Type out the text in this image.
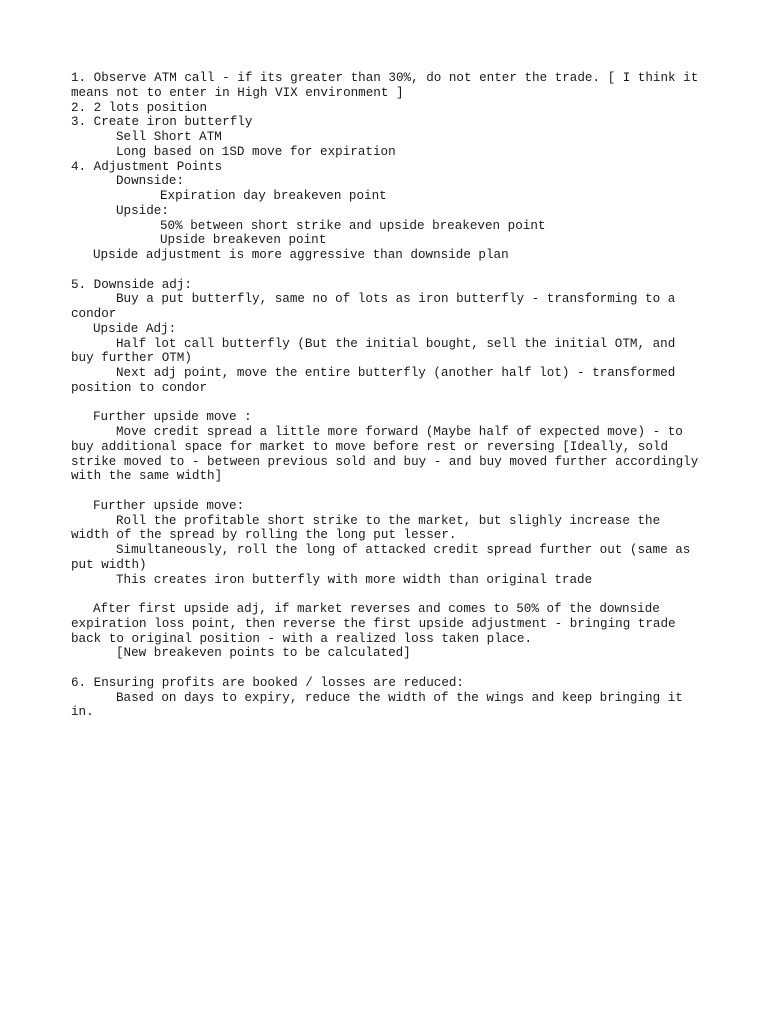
1. Observe ATM call - if its greater than 30%, do not enter the trade. [ I think it
means not to enter in High VIX environment ]
2. 2 lots position
3. Create iron butterfly
Sell Short ATM
Long based on 1SD move for expiration
4. Adjustment Points
Downside:
Expiration day breakeven point
Upside:
50% between short strike and upside breakeven point
Upside breakeven point
Upside adjustment is more aggressive than downside plan
5. Downside adj:
Buy a put butterfly, same no of lots as iron butterfly - transforming to a
condor
Upside Adj:
Half lot call butterfly (But the initial bought, sell the initial OTM, and
buy further OTM)
Next adj point, move the entire butterfly (another half lot) - transformed
position to condor
Further upside move :
Move credit spread a little more forward (Maybe half of expected move) - to
buy additional space for market to move before rest or reversing [Ideally, sold
strike moved to - between previous sold and buy - and buy moved further accordingly
with the same width]
Further upside move:
Roll the profitable short strike to the market, but slighly increase the
width of the spread by rolling the long put lesser.
Simultaneously, roll the long of attacked credit spread further out (same as
put width)
This creates iron butterfly with more width than original trade
After first upside adj, if market reverses and comes to 50% of the downside
expiration loss point, then reverse the first upside adjustment - bringing trade
back to original position - with a realized loss taken place.
[New breakeven points to be calculated]
6. Ensuring profits are booked / losses are reduced:
Based on days to expiry, reduce the width of the wings and keep bringing it
in.
